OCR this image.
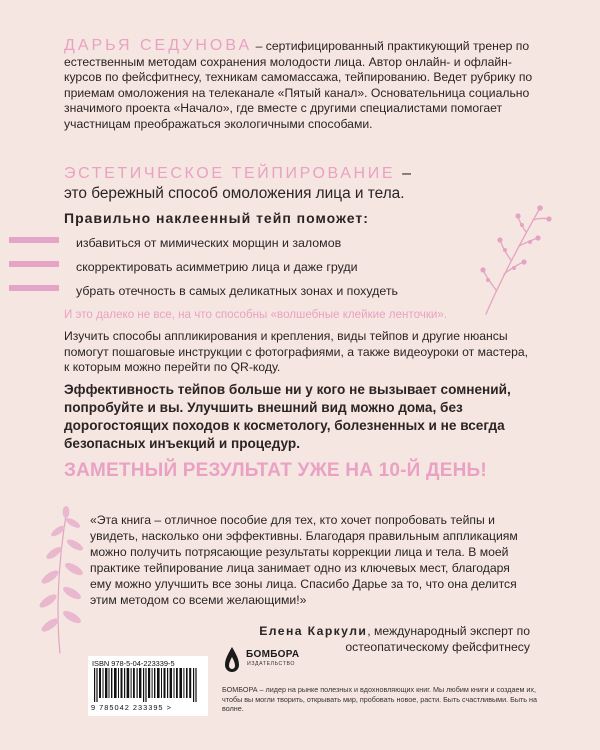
ДАРЬЯ СЕДУНОВА – сертифицированный практикующий тренер по естественным методам сохранения молодости лица. Автор онлайн- и офлайн-курсов по фейсфитнесу, техникам самомассажа, тейпированию. Ведет рубрику по приемам омоложения на телеканале «Пятый канал». Основательница социально значимого проекта «Начало», где вместе с другими специалистами помогает участницам преображаться экологичными способами.
ЭСТЕТИЧЕСКОЕ ТЕЙПИРОВАНИЕ –
это бережный способ омоложения лица и тела.
Правильно наклеенный тейп поможет:
избавиться от мимических морщин и заломов
скорректировать асимметрию лица и даже груди
убрать отечность в самых деликатных зонах и похудеть
И это далеко не все, на что способны «волшебные клейкие ленточки».
Изучить способы аппликирования и крепления, виды тейпов и другие нюансы помогут пошаговые инструкции с фотографиями, а также видеоуроки от мастера, к которым можно перейти по QR-коду.
Эффективность тейпов больше ни у кого не вызывает сомнений, попробуйте и вы. Улучшить внешний вид можно дома, без дорогостоящих походов к косметологу, болезненных и не всегда безопасных инъекций и процедур.
ЗАМЕТНЫЙ РЕЗУЛЬТАТ УЖЕ НА 10-Й ДЕНЬ!
«Эта книга – отличное пособие для тех, кто хочет попробовать тейпы и увидеть, насколько они эффективны. Благодаря правильным аппликациям можно получить потрясающие результаты коррекции лица и тела. В моей практике тейпирование лица занимает одно из ключевых мест, благодаря ему можно улучшить все зоны лица. Спасибо Дарье за то, что она делится этим методом со всеми желающими!»
Елена Каркули, международный эксперт по остеопатическому фейсфитнесу
ISBN 978-5-04-223339-5
9 785042 233395 >
БОМБОРА
ИЗДАТЕЛЬСТВО
БОМБОРА – лидер на рынке полезных и вдохновляющих книг. Мы любим книги и создаем их, чтобы вы могли творить, открывать мир, пробовать новое, расти. Быть счастливыми. Быть на волне.
